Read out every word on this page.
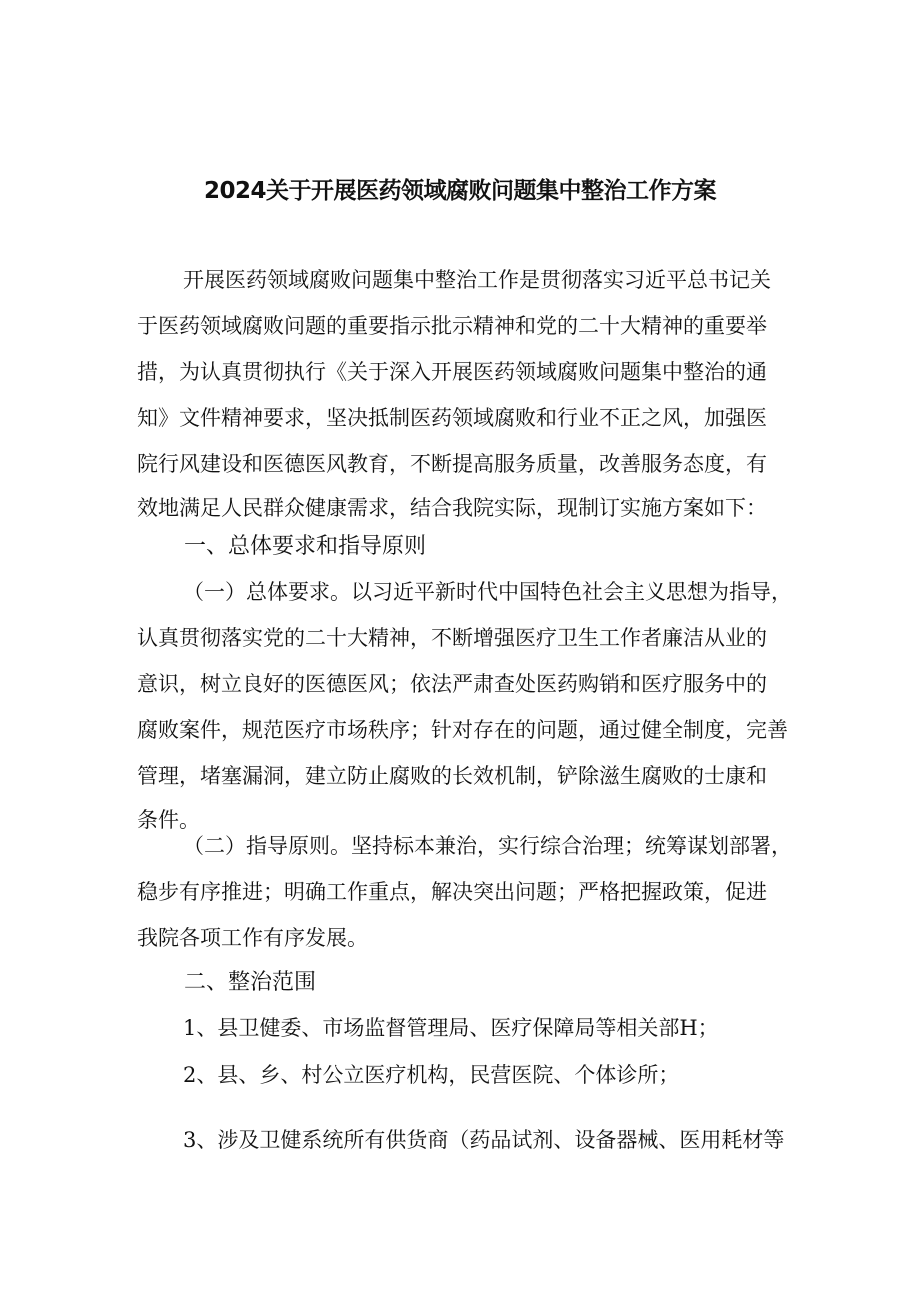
2024关于开展医药领域腐败问题集中整治工作方案
开展医药领域腐败问题集中整治工作是贯彻落实习近平总书记关
于医药领域腐败问题的重要指示批示精神和党的二十大精神的重要举
措，为认真贯彻执行《关于深入开展医药领域腐败问题集中整治的通
知》文件精神要求，坚决抵制医药领域腐败和行业不正之风，加强医
院行风建设和医德医风教育，不断提高服务质量，改善服务态度，有
效地满足人民群众健康需求，结合我院实际，现制订实施方案如下：
一、总体要求和指导原则
（一）总体要求。以习近平新时代中国特色社会主义思想为指导，
认真贯彻落实党的二十大精神，不断增强医疗卫生工作者廉洁从业的
意识，树立良好的医德医风；依法严肃查处医药购销和医疗服务中的
腐败案件，规范医疗市场秩序；针对存在的问题，通过健全制度，完善
管理，堵塞漏洞，建立防止腐败的长效机制，铲除滋生腐败的士康和
条件。
（二）指导原则。坚持标本兼治，实行综合治理；统筹谋划部署，
稳步有序推进；明确工作重点，解决突出问题；严格把握政策，促进
我院各项工作有序发展。
二、整治范围
1、县卫健委、市场监督管理局、医疗保障局等相关部H；
2、县、乡、村公立医疗机构，民营医院、个体诊所；
3、涉及卫健系统所有供货商（药品试剂、设备器械、医用耗材等
